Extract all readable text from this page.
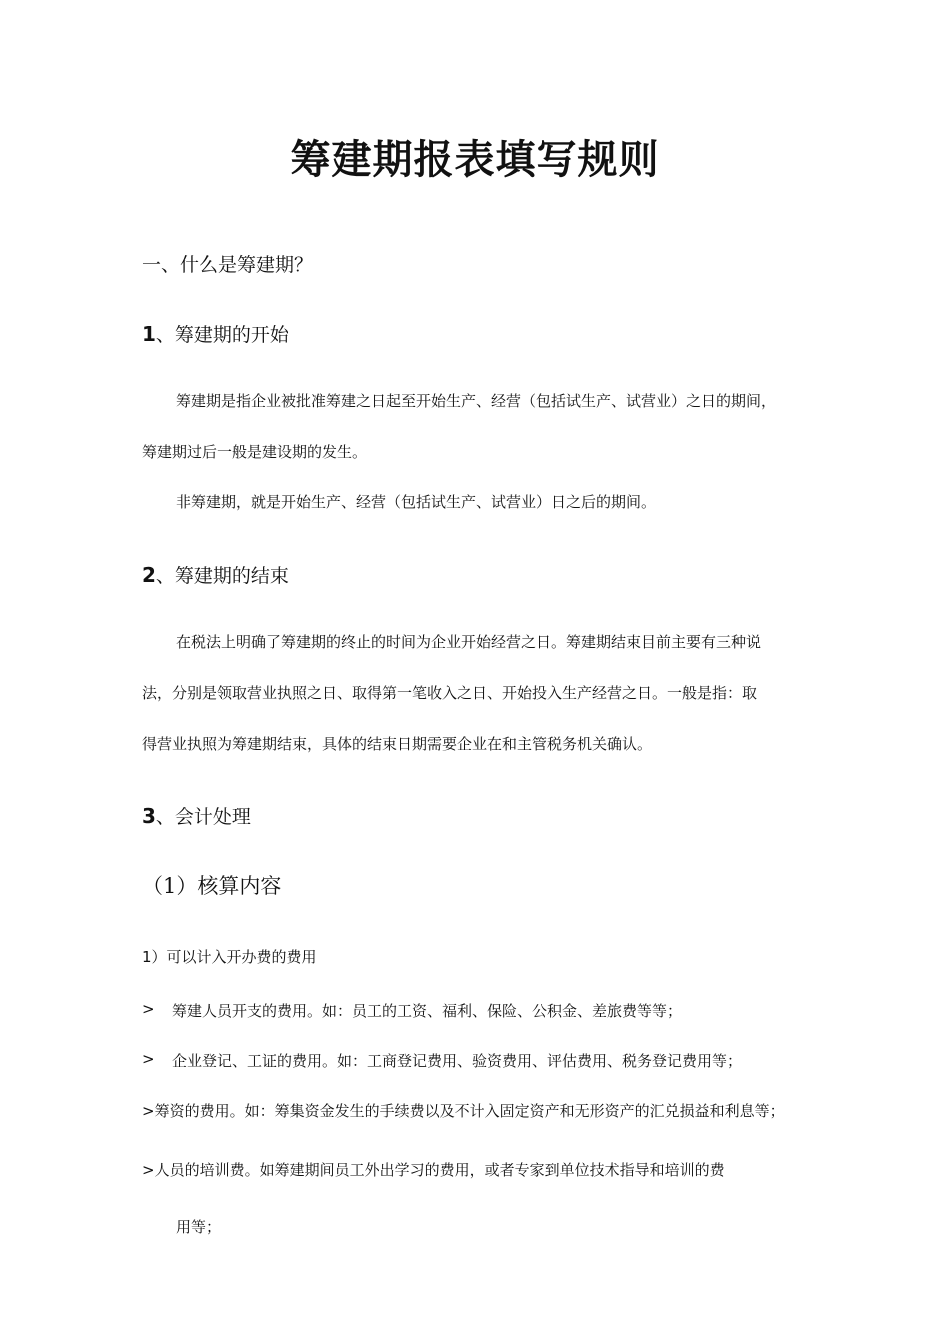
筹建期报表填写规则
一、什么是筹建期？
1、筹建期的开始
筹建期是指企业被批准筹建之日起至开始生产、经营（包括试生产、试营业）之日的期间，
筹建期过后一般是建设期的发生。
非筹建期，就是开始生产、经营（包括试生产、试营业）日之后的期间。
2、筹建期的结束
在税法上明确了筹建期的终止的时间为企业开始经营之日。筹建期结束目前主要有三种说
法，分别是领取营业执照之日、取得第一笔收入之日、开始投入生产经营之日。一般是指：取
得营业执照为筹建期结束，具体的结束日期需要企业在和主管税务机关确认。
3、会计处理
（1）核算内容
1）可以计入开办费的费用
> 筹建人员开支的费用。如：员工的工资、福利、保险、公积金、差旅费等等；
> 企业登记、工证的费用。如：工商登记费用、验资费用、评估费用、税务登记费用等；
>筹资的费用。如：筹集资金发生的手续费以及不计入固定资产和无形资产的汇兑损益和利息等；
>人员的培训费。如筹建期间员工外出学习的费用，或者专家到单位技术指导和培训的费
用等；
